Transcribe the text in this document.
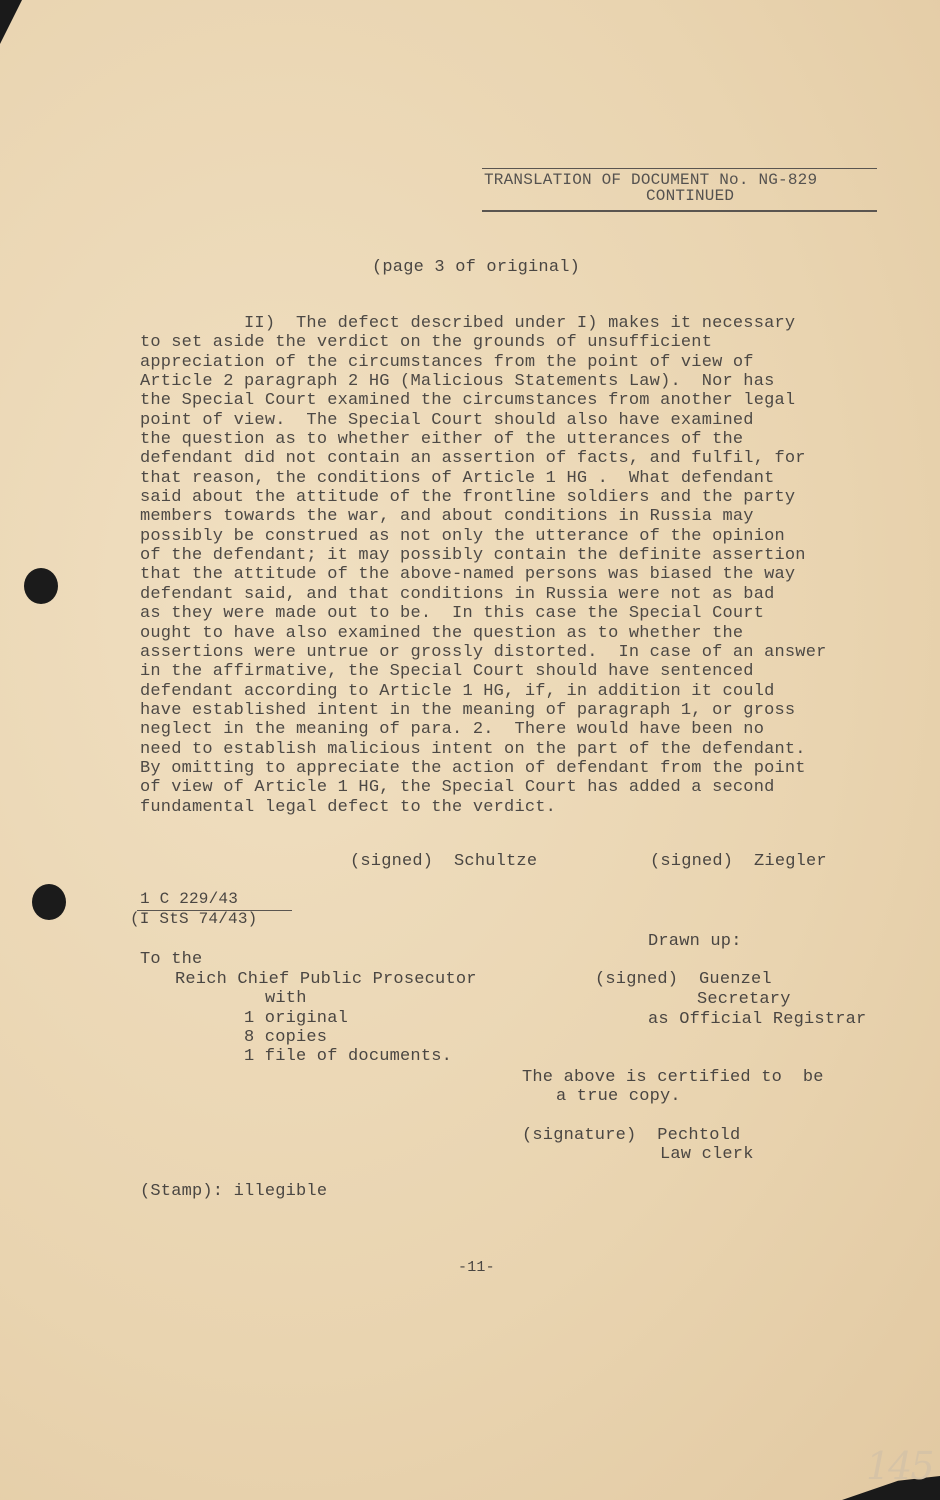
TRANSLATION OF DOCUMENT No. NG-829
CONTINUED
(page 3 of original)
II)  The defect described under I) makes it necessary
to set aside the verdict on the grounds of unsufficient
appreciation of the circumstances from the point of view of
Article 2 paragraph 2 HG (Malicious Statements Law).  Nor has
the Special Court examined the circumstances from another legal
point of view.  The Special Court should also have examined
the question as to whether either of the utterances of the
defendant did not contain an assertion of facts, and fulfil, for
that reason, the conditions of Article 1 HG .  What defendant
said about the attitude of the frontline soldiers and the party
members towards the war, and about conditions in Russia may
possibly be construed as not only the utterance of the opinion
of the defendant; it may possibly contain the definite assertion
that the attitude of the above-named persons was biased the way
defendant said, and that conditions in Russia were not as bad
as they were made out to be.  In this case the Special Court
ought to have also examined the question as to whether the
assertions were untrue or grossly distorted.  In case of an answer
in the affirmative, the Special Court should have sentenced
defendant according to Article 1 HG, if, in addition it could
have established intent in the meaning of paragraph 1, or gross
neglect in the meaning of para. 2.  There would have been no
need to establish malicious intent on the part of the defendant.
By omitting to appreciate the action of defendant from the point
of view of Article 1 HG, the Special Court has added a second
fundamental legal defect to the verdict.
(signed)  Schultze	(signed)  Ziegler
1 C 229/43
(I StS 74/43)
Drawn up:
To the
Reich Chief Public Prosecutor	(signed)  Guenzel
with	Secretary
1 original	as Official Registrar
8 copies
1 file of documents.
The above is certified to  be
a true copy.
(signature)  Pechtold
Law clerk
(Stamp): illegible
-11-
145
